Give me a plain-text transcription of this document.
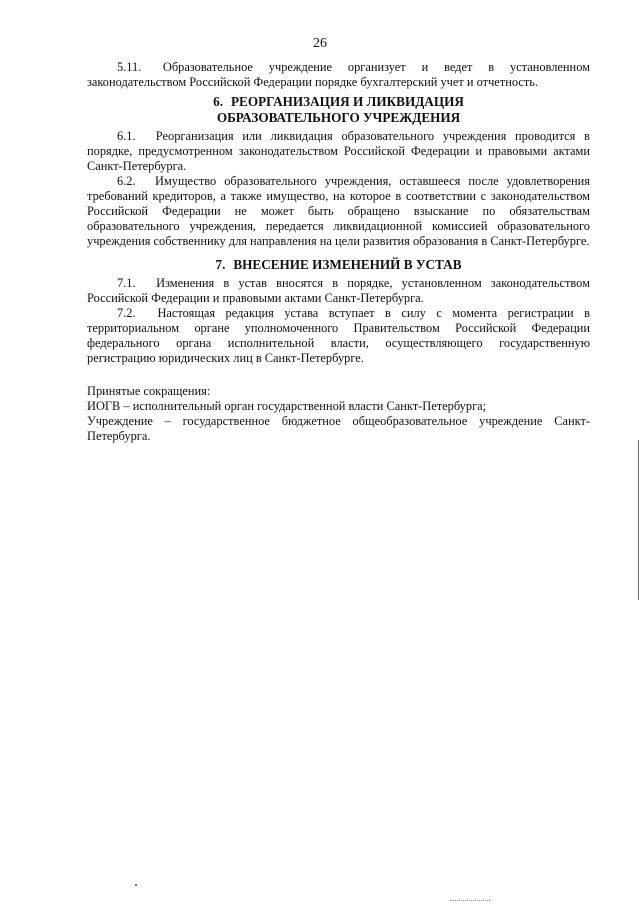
26

5.11. Образовательное учреждение организует и ведет в установленном законодательством Российской Федерации порядке бухгалтерский учет и отчетность.

6. РЕОРГАНИЗАЦИЯ И ЛИКВИДАЦИЯ
ОБРАЗОВАТЕЛЬНОГО УЧРЕЖДЕНИЯ

6.1. Реорганизация или ликвидация образовательного учреждения проводится в порядке, предусмотренном законодательством Российской Федерации и правовыми актами Санкт-Петербурга.

6.2. Имущество образовательного учреждения, оставшееся после удовлетворения требований кредиторов, а также имущество, на которое в соответствии с законодательством Российской Федерации не может быть обращено взыскание по обязательствам образовательного учреждения, передается ликвидационной комиссией образовательного учреждения собственнику для направления на цели развития образования в Санкт-Петербурге.

7. ВНЕСЕНИЕ ИЗМЕНЕНИЙ В УСТАВ

7.1. Изменения в устав вносятся в порядке, установленном законодательством Российской Федерации и правовыми актами Санкт-Петербурга.

7.2. Настоящая редакция устава вступает в силу с момента регистрации в территориальном органе уполномоченного Правительством Российской Федерации федерального органа исполнительной власти, осуществляющего государственную регистрацию юридических лиц в Санкт-Петербурге.

Принятые сокращения:

ИОГВ – исполнительный орган государственной власти Санкт-Петербурга;

Учреждение – государственное бюджетное общеобразовательное учреждение Санкт-Петербурга.
